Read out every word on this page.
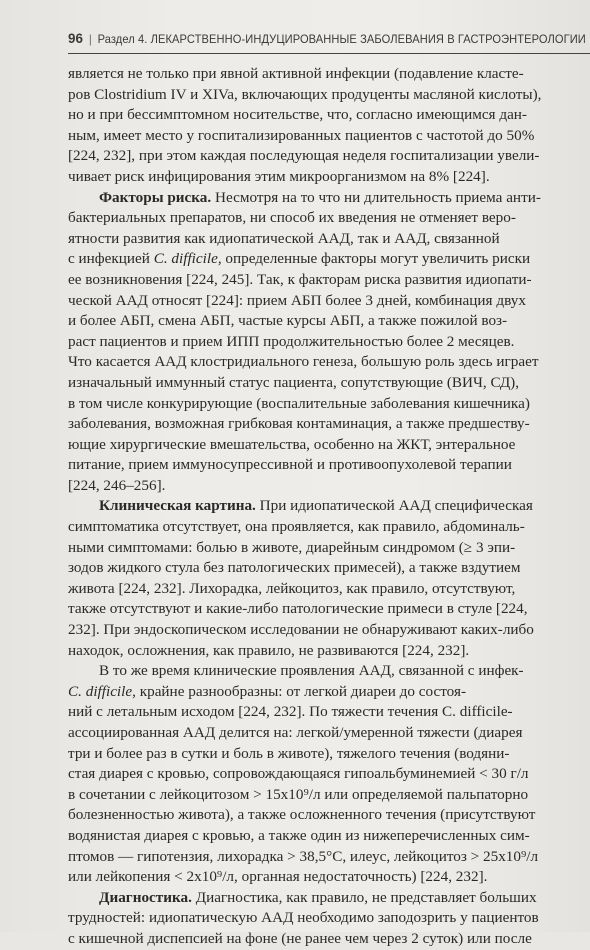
96 | Раздел 4. ЛЕКАРСТВЕННО-ИНДУЦИРОВАННЫЕ ЗАБОЛЕВАНИЯ В ГАСТРОЭНТЕРОЛОГИИ
является не только при явной активной инфекции (подавление класте-
ров Clostridium IV и XIVa, включающих продуценты масляной кислоты),
но и при бессимптомном носительстве, что, согласно имеющимся дан-
ным, имеет место у госпитализированных пациентов с частотой до 50%
[224, 232], при этом каждая последующая неделя госпитализации увели-
чивает риск инфицирования этим микроорганизмом на 8% [224].
Факторы риска. Несмотря на то что ни длительность приема анти-
бактериальных препаратов, ни способ их введения не отменяет веро-
ятности развития как идиопатической ААД, так и ААД, связанной
с инфекцией C. difficile, определенные факторы могут увеличить риски
ее возникновения [224, 245]. Так, к факторам риска развития идиопати-
ческой ААД относят [224]: прием АБП более 3 дней, комбинация двух
и более АБП, смена АБП, частые курсы АБП, а также пожилой воз-
раст пациентов и прием ИПП продолжительностью более 2 месяцев.
Что касается ААД клостридиального генеза, большую роль здесь играет
изначальный иммунный статус пациента, сопутствующие (ВИЧ, СД),
в том числе конкурирующие (воспалительные заболевания кишечника)
заболевания, возможная грибковая контаминация, а также предшеству-
ющие хирургические вмешательства, особенно на ЖКТ, энтеральное
питание, прием иммуносупрессивной и противоопухолевой терапии
[224, 246–256].
Клиническая картина. При идиопатической ААД специфическая
симптоматика отсутствует, она проявляется, как правило, абдоминаль-
ными симптомами: болью в животе, диарейным синдромом (≥ 3 эпи-
зодов жидкого стула без патологических примесей), а также вздутием
живота [224, 232]. Лихорадка, лейкоцитоз, как правило, отсутствуют,
также отсутствуют и какие-либо патологические примеси в стуле [224,
232]. При эндоскопическом исследовании не обнаруживают каких-либо
находок, осложнения, как правило, не развиваются [224, 232].
В то же время клинические проявления ААД, связанной с инфек-
C. difficile, крайне разнообразны: от легкой диареи до состоя-
ний с летальным исходом [224, 232]. По тяжести течения C. difficile-
ассоциированная ААД делится на: легкой/умеренной тяжести (диарея
три и более раз в сутки и боль в животе), тяжелого течения (водяни-
стая диарея с кровью, сопровождающаяся гипоальбуминемией < 30 г/л
в сочетании с лейкоцитозом > 15x10⁹/л или определяемой пальпаторно
болезненностью живота), а также осложненного течения (присутствуют
водянистая диарея с кровью, а также один из нижеперечисленных сим-
птомов — гипотензия, лихорадка > 38,5°С, илеус, лейкоцитоз > 25x10⁹/л
или лейкопения < 2x10⁹/л, органная недостаточность) [224, 232].
Диагностика. Диагностика, как правило, не представляет больших
трудностей: идиопатическую ААД необходимо заподозрить у пациентов
с кишечной диспепсией на фоне (не ранее чем через 2 суток) или после
